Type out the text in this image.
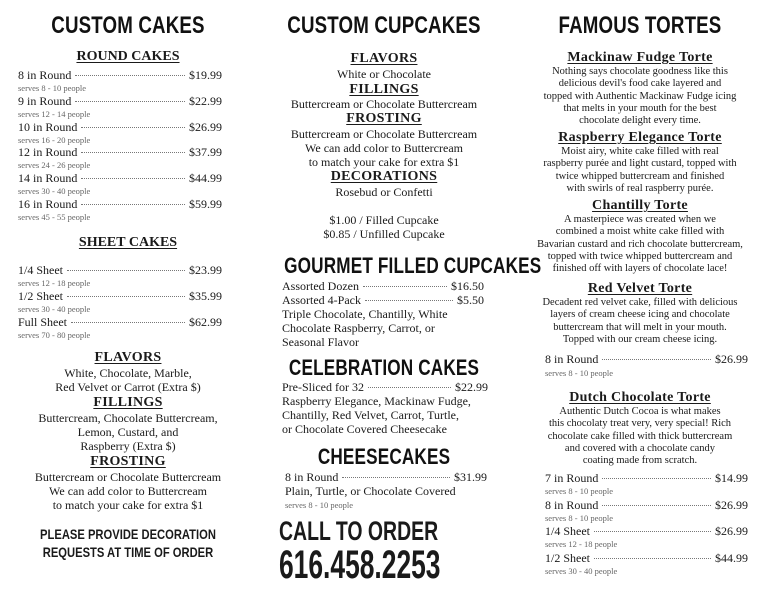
CUSTOM CAKES
ROUND CAKES
8 in Round	$19.99
serves 8 - 10 people
9 in Round	$22.99
serves 12 - 14 people
10 in Round	$26.99
serves 16 - 20 people
12 in Round	$37.99
serves 24 - 26 people
14 in Round	$44.99
serves 30 - 40 people
16 in Round	$59.99
serves 45 - 55 people
SHEET CAKES
1/4 Sheet	$23.99
serves 12 - 18 people
1/2 Sheet	$35.99
serves 30 - 40 people
Full Sheet	$62.99
serves 70 - 80 people
FLAVORS
White, Chocolate, Marble,
Red Velvet or Carrot (Extra $)
FILLINGS
Buttercream, Chocolate Buttercream,
Lemon, Custard, and
Raspberry (Extra $)
FROSTING
Buttercream or Chocolate Buttercream
We can add color to Buttercream
to match your cake for extra $1
PLEASE PROVIDE DECORATION
REQUESTS AT TIME OF ORDER
CUSTOM CUPCAKES
FLAVORS
White or Chocolate
FILLINGS
Buttercream or Chocolate Buttercream
FROSTING
Buttercream or Chocolate Buttercream
We can add color to Buttercream
to match your cake for extra $1
DECORATIONS
Rosebud or Confetti
$1.00 / Filled Cupcake
$0.85 / Unfilled Cupcake
GOURMET FILLED CUPCAKES
Assorted Dozen	$16.50
Assorted 4-Pack	$5.50
Triple Chocolate, Chantilly, White
Chocolate Raspberry, Carrot, or
Seasonal Flavor
CELEBRATION CAKES
Pre-Sliced for 32	$22.99
Raspberry Elegance, Mackinaw Fudge,
Chantilly, Red Velvet, Carrot, Turtle,
or Chocolate Covered Cheesecake
CHEESECAKES
8 in Round	$31.99
Plain, Turtle, or Chocolate Covered
serves 8 - 10 people
CALL TO ORDER
616.458.2253
FAMOUS TORTES
Mackinaw Fudge Torte
Nothing says chocolate goodness like this
delicious devil's food cake layered and
topped with Authentic Mackinaw Fudge icing
that melts in your mouth for the best
chocolate delight every time.
Raspberry Elegance Torte
Moist airy, white cake filled with real
raspberry purée and light custard, topped with
twice whipped buttercream and finished
with swirls of real raspberry purée.
Chantilly Torte
A masterpiece was created when we
combined a moist white cake filled with
Bavarian custard and rich chocolate buttercream,
topped with twice whipped buttercream and
finished off with layers of chocolate lace!
Red Velvet Torte
Decadent red velvet cake, filled with delicious
layers of cream cheese icing and chocolate
buttercream that will melt in your mouth.
Topped with our cream cheese icing.
8 in Round	$26.99
serves 8 - 10 people
Dutch Chocolate Torte
Authentic Dutch Cocoa is what makes
this chocolaty treat very, very special! Rich
chocolate cake filled with thick buttercream
and covered with a chocolate candy
coating made from scratch.
7 in Round	$14.99
serves 8 - 10 people
8 in Round	$26.99
serves 8 - 10 people
1/4 Sheet	$26.99
serves 12 - 18 people
1/2 Sheet	$44.99
serves 30 - 40 people
